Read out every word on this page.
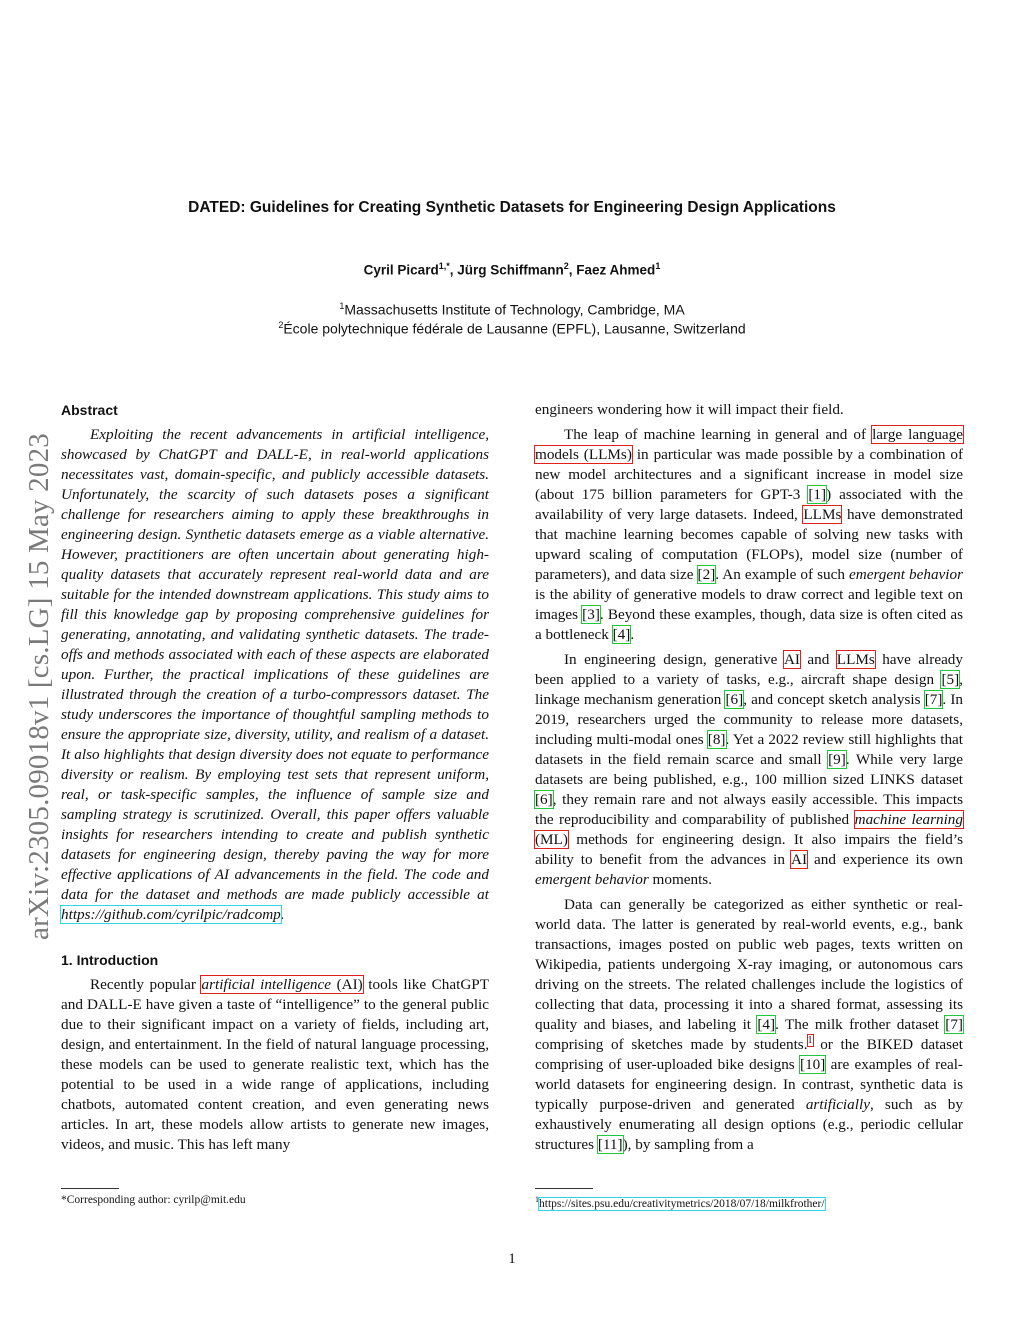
arXiv:2305.09018v1 [cs.LG] 15 May 2023
DATED: Guidelines for Creating Synthetic Datasets for Engineering Design Applications
Cyril Picard$^{1,*}$, Jürg Schiffmann$^2$, Faez Ahmed$^1$
$^1$Massachusetts Institute of Technology, Cambridge, MA
$^2$École polytechnique fédérale de Lausanne (EPFL), Lausanne, Switzerland
Abstract

Exploiting the recent advancements in artificial intelligence, showcased by ChatGPT and DALL-E, in real-world applications necessitates vast, domain-specific, and publicly accessible datasets. Unfortunately, the scarcity of such datasets poses a significant challenge for researchers aiming to apply these breakthroughs in engineering design. Synthetic datasets emerge as a viable alternative. However, practitioners are often uncertain about generating high-quality datasets that accurately represent real-world data and are suitable for the intended downstream applications. This study aims to fill this knowledge gap by proposing comprehensive guidelines for generating, annotating, and validating synthetic datasets. The trade-offs and methods associated with each of these aspects are elaborated upon. Further, the practical implications of these guidelines are illustrated through the creation of a turbo-compressors dataset. The study underscores the importance of thoughtful sampling methods to ensure the appropriate size, diversity, utility, and realism of a dataset. It also highlights that design diversity does not equate to performance diversity or realism. By employing test sets that represent uniform, real, or task-specific samples, the influence of sample size and sampling strategy is scrutinized. Overall, this paper offers valuable insights for researchers intending to create and publish synthetic datasets for engineering design, thereby paving the way for more effective applications of AI advancements in the field. The code and data for the dataset and methods are made publicly accessible at https://github.com/cyrilpic/radcomp.

1. Introduction

Recently popular artificial intelligence (AI) tools like ChatGPT and DALL-E have given a taste of “intelligence” to the general public due to their significant impact on a variety of fields, including art, design, and entertainment. In the field of natural language processing, these models can be used to generate realistic text, which has the potential to be used in a wide range of applications, including chatbots, automated content creation, and even generating news articles. In art, these models allow artists to generate new images, videos, and music. This has left many

engineers wondering how it will impact their field.

The leap of machine learning in general and of large language models (LLMs) in particular was made possible by a combination of new model architectures and a significant increase in model size (about 175 billion parameters for GPT-3 [1]) associated with the availability of very large datasets. Indeed, LLMs have demonstrated that machine learning becomes capable of solving new tasks with upward scaling of computation (FLOPs), model size (number of parameters), and data size [2]. An example of such emergent behavior is the ability of generative models to draw correct and legible text on images [3]. Beyond these examples, though, data size is often cited as a bottleneck [4].

In engineering design, generative AI and LLMs have already been applied to a variety of tasks, e.g., aircraft shape design [5], linkage mechanism generation [6], and concept sketch analysis [7]. In 2019, researchers urged the community to release more datasets, including multi-modal ones [8]. Yet a 2022 review still highlights that datasets in the field remain scarce and small [9]. While very large datasets are being published, e.g., 100 million sized LINKS dataset [6], they remain rare and not always easily accessible. This impacts the reproducibility and comparability of published machine learning (ML) methods for engineering design. It also impairs the field’s ability to benefit from the advances in AI and experience its own emergent behavior moments.

Data can generally be categorized as either synthetic or real-world data. The latter is generated by real-world events, e.g., bank transactions, images posted on public web pages, texts written on Wikipedia, patients undergoing X-ray imaging, or autonomous cars driving on the streets. The related challenges include the logistics of collecting that data, processing it into a shared format, assessing its quality and biases, and labeling it [4]. The milk frother dataset [7] comprising of sketches made by students.$^1$ or the BIKED dataset comprising of user-uploaded bike designs [10] are examples of real-world datasets for engineering design. In contrast, synthetic data is typically purpose-driven and generated artificially, such as by exhaustively enumerating all design options (e.g., periodic cellular structures [11]), by sampling from a

*Corresponding author: cyrilp@mit.edu	$^1$https://sites.psu.edu/creativitymetrics/2018/07/18/milkfrother/
1
